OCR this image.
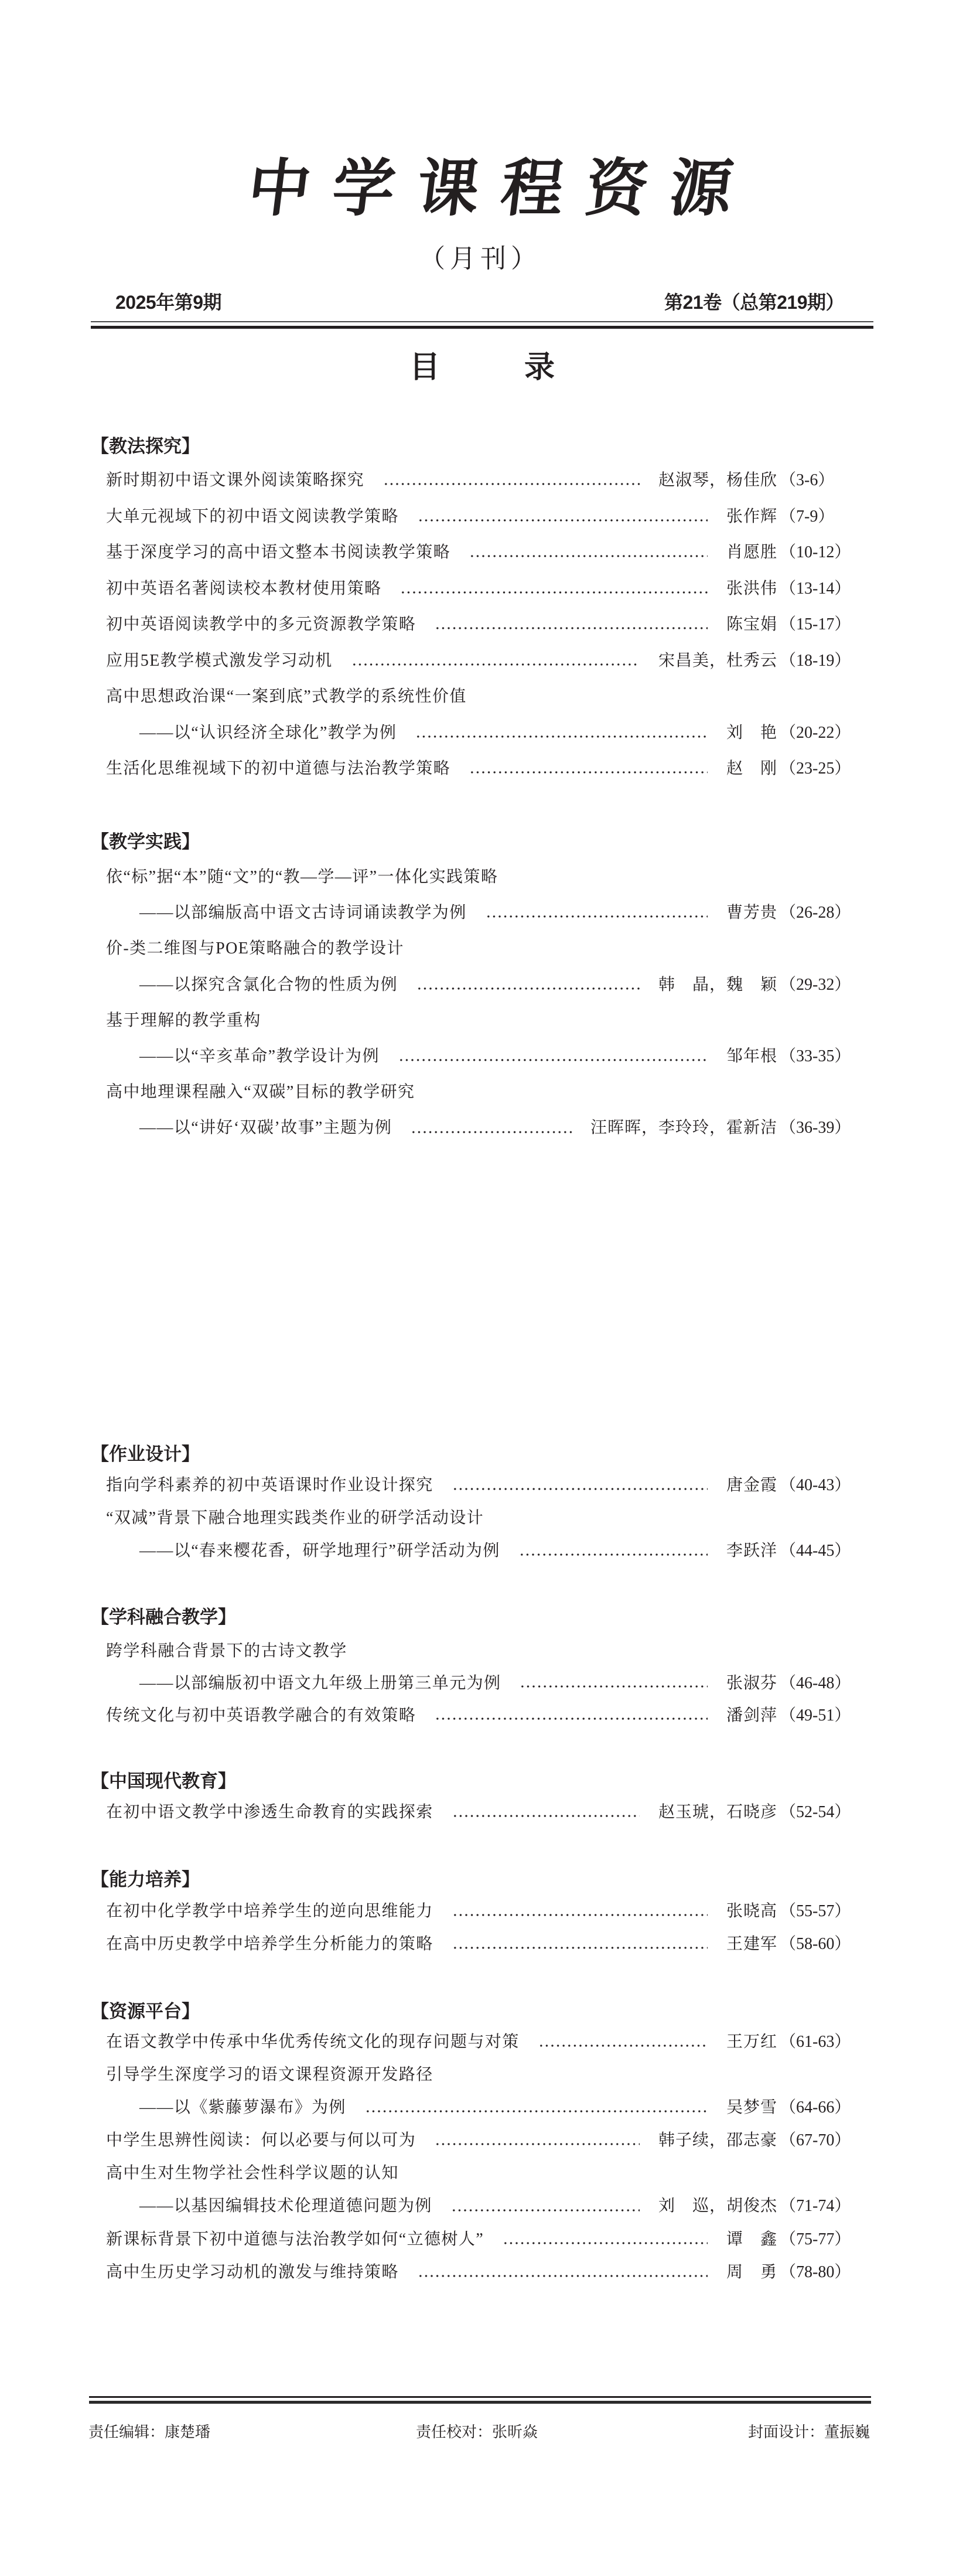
中学课程资源
（月刊）
2025年第9期	第21卷（总第219期）
目录
【教法探究】
新时期初中语文课外阅读策略探究	赵淑琴，杨佳欣 （3-6）
大单元视域下的初中语文阅读教学策略	张作辉 （7-9）
基于深度学习的高中语文整本书阅读教学策略	肖愿胜 （10-12）
初中英语名著阅读校本教材使用策略	张洪伟 （13-14）
初中英语阅读教学中的多元资源教学策略	陈宝娟 （15-17）
应用5E教学模式激发学习动机	宋昌美，杜秀云 （18-19）
高中思想政治课“一案到底”式教学的系统性价值
——以“认识经济全球化”教学为例	刘　艳 （20-22）
生活化思维视域下的初中道德与法治教学策略	赵　刚 （23-25）
【教学实践】
依“标”据“本”随“文”的“教—学—评”一体化实践策略
——以部编版高中语文古诗词诵读教学为例	曹芳贵 （26-28）
价-类二维图与POE策略融合的教学设计
——以探究含氯化合物的性质为例	韩　晶，魏　颖 （29-32）
基于理解的教学重构
——以“辛亥革命”教学设计为例	邹年根 （33-35）
高中地理课程融入“双碳”目标的教学研究
——以“讲好‘双碳’故事”主题为例	汪晖晖，李玲玲，霍新洁 （36-39）
【作业设计】
指向学科素养的初中英语课时作业设计探究	唐金霞 （40-43）
“双减”背景下融合地理实践类作业的研学活动设计
——以“春来樱花香，研学地理行”研学活动为例	李跃洋 （44-45）
【学科融合教学】
跨学科融合背景下的古诗文教学
——以部编版初中语文九年级上册第三单元为例	张淑芬 （46-48）
传统文化与初中英语教学融合的有效策略	潘剑萍 （49-51）
【中国现代教育】
在初中语文教学中渗透生命教育的实践探索	赵玉琥，石晓彦 （52-54）
【能力培养】
在初中化学教学中培养学生的逆向思维能力	张晓高 （55-57）
在高中历史教学中培养学生分析能力的策略	王建军 （58-60）
【资源平台】
在语文教学中传承中华优秀传统文化的现存问题与对策	王万红 （61-63）
引导学生深度学习的语文课程资源开发路径
——以《紫藤萝瀑布》为例	吴梦雪 （64-66）
中学生思辨性阅读：何以必要与何以可为	韩子续，邵志豪 （67-70）
高中生对生物学社会性科学议题的认知
——以基因编辑技术伦理道德问题为例	刘　巡，胡俊杰 （71-74）
新课标背景下初中道德与法治教学如何“立德树人”	谭　鑫 （75-77）
高中生历史学习动机的激发与维持策略	周　勇 （78-80）
责任编辑：康楚璠	责任校对：张昕焱	封面设计：董振巍
